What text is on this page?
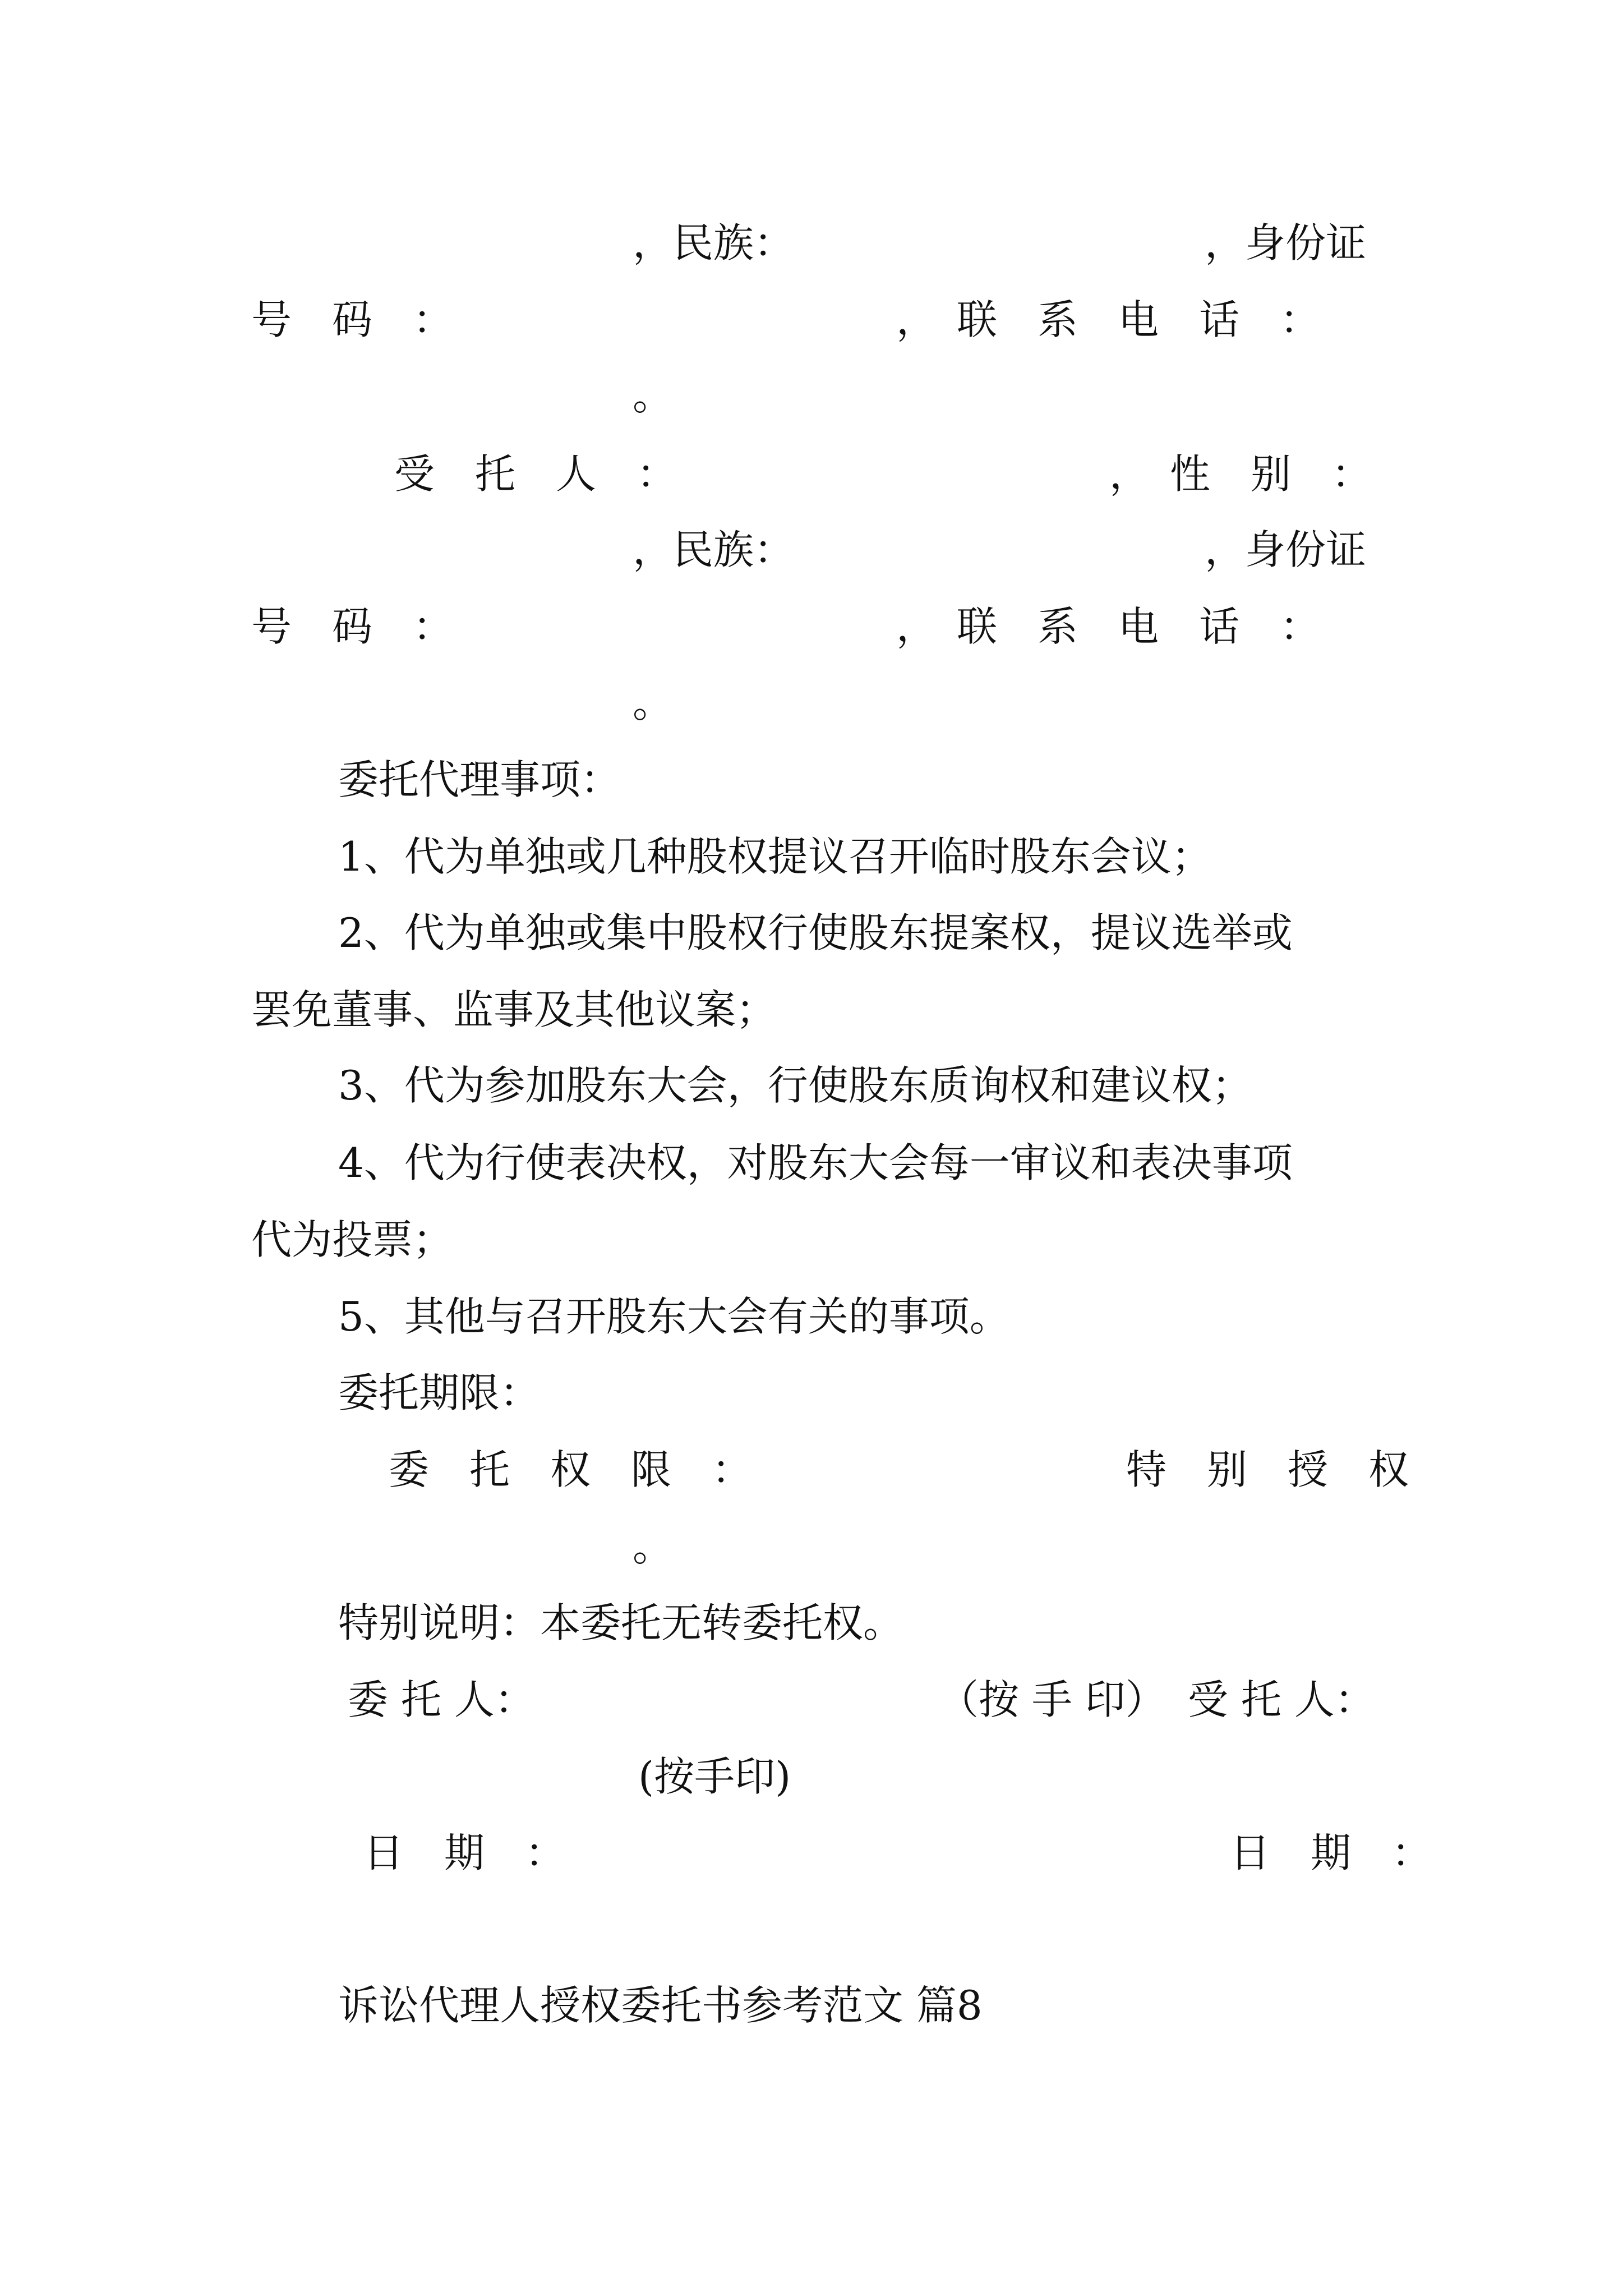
，民族：	，身份证
号　码　：	，　联　系　电　话　：
。
受　托　人　：	，　性　别　：
，民族：	，身份证
号　码　：	，　联　系　电　话　：
。
委托代理事项：
1、代为单独或几种股权提议召开临时股东会议；
2、代为单独或集中股权行使股东提案权，提议选举或
罢免董事、监事及其他议案；
3、代为参加股东大会，行使股东质询权和建议权；
4、代为行使表决权，对股东大会每一审议和表决事项
代为投票；
5、其他与召开股东大会有关的事项。
委托期限：
委　托　权　限　：	特　别　授　权
。
特别说明：本委托无转委托权。
委 托 人：	（按 手 印） 受 托 人：
(按手印)
日　期　：	日　期　：
诉讼代理人授权委托书参考范文 篇8
